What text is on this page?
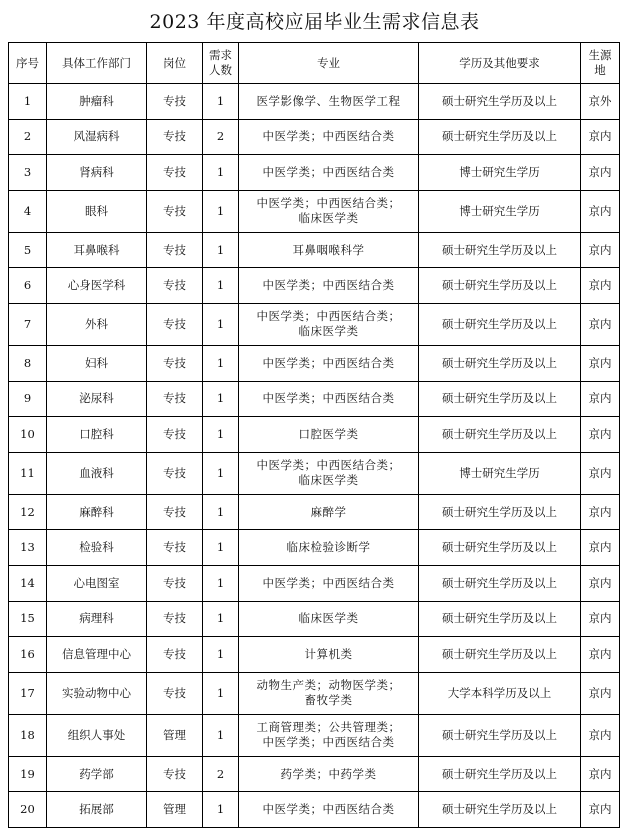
2023 年度高校应届毕业生需求信息表
序号	具体工作部门	岗位	需求人数	专业	学历及其他要求	生源地
1	肿瘤科	专技	1	医学影像学、生物医学工程	硕士研究生学历及以上	京外
2	风湿病科	专技	2	中医学类；中西医结合类	硕士研究生学历及以上	京内
3	肾病科	专技	1	中医学类；中西医结合类	博士研究生学历	京内
4	眼科	专技	1	中医学类；中西医结合类；
临床医学类	博士研究生学历	京内
5	耳鼻喉科	专技	1	耳鼻咽喉科学	硕士研究生学历及以上	京内
6	心身医学科	专技	1	中医学类；中西医结合类	硕士研究生学历及以上	京内
7	外科	专技	1	中医学类；中西医结合类；
临床医学类	硕士研究生学历及以上	京内
8	妇科	专技	1	中医学类；中西医结合类	硕士研究生学历及以上	京内
9	泌尿科	专技	1	中医学类；中西医结合类	硕士研究生学历及以上	京内
10	口腔科	专技	1	口腔医学类	硕士研究生学历及以上	京内
11	血液科	专技	1	中医学类；中西医结合类；
临床医学类	博士研究生学历	京内
12	麻醉科	专技	1	麻醉学	硕士研究生学历及以上	京内
13	检验科	专技	1	临床检验诊断学	硕士研究生学历及以上	京内
14	心电图室	专技	1	中医学类；中西医结合类	硕士研究生学历及以上	京内
15	病理科	专技	1	临床医学类	硕士研究生学历及以上	京内
16	信息管理中心	专技	1	计算机类	硕士研究生学历及以上	京内
17	实验动物中心	专技	1	动物生产类；动物医学类；
畜牧学类	大学本科学历及以上	京内
18	组织人事处	管理	1	工商管理类；公共管理类；
中医学类；中西医结合类	硕士研究生学历及以上	京内
19	药学部	专技	2	药学类；中药学类	硕士研究生学历及以上	京内
20	拓展部	管理	1	中医学类；中西医结合类	硕士研究生学历及以上	京内
